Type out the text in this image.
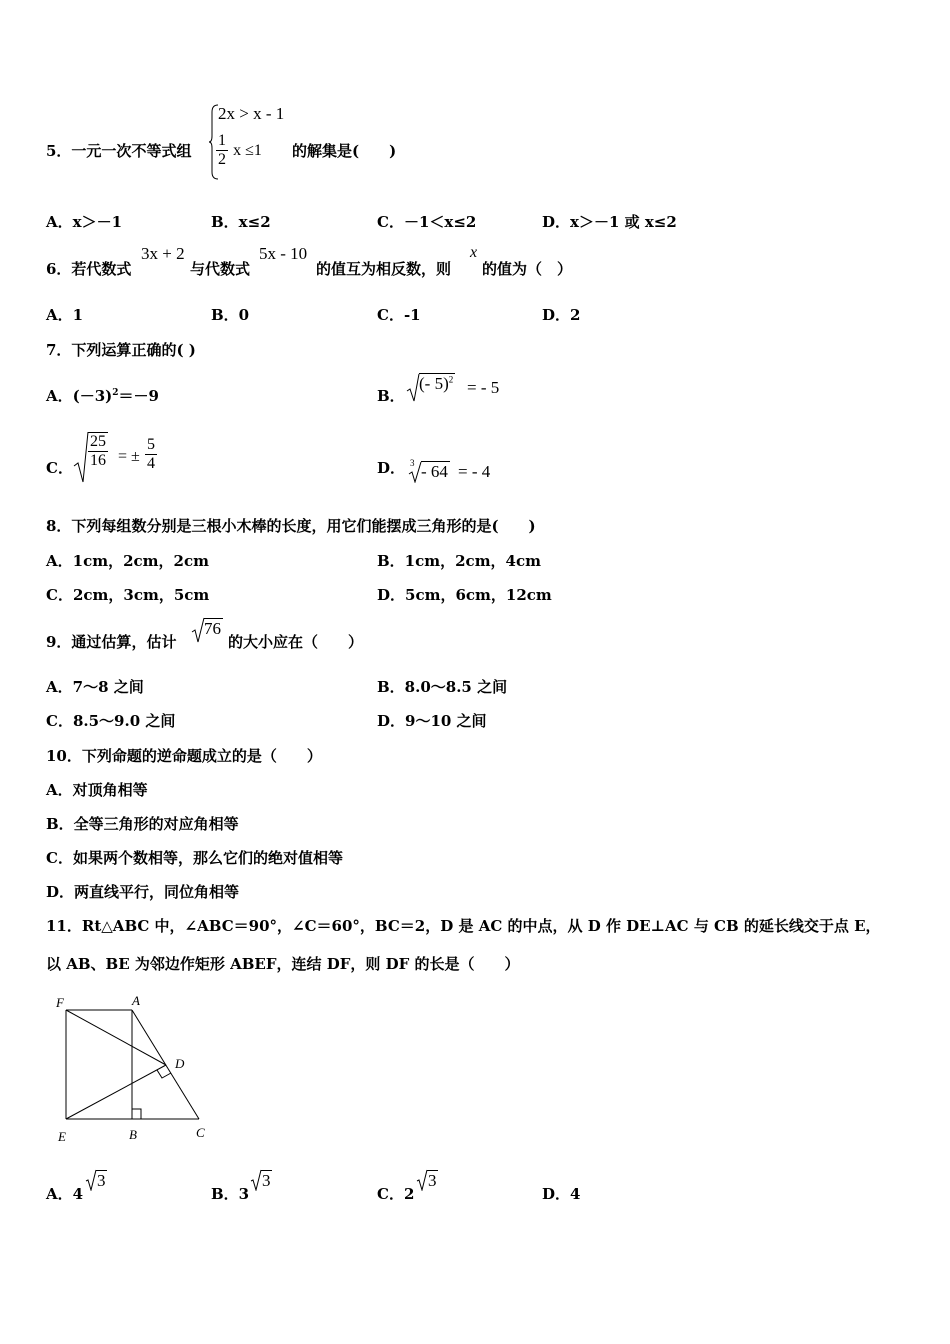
5．一元一次不等式组
2x > x - 1
$\frac{1}{2}$ x ≤1 的解集是(　　)
A．x＞－1	B．x≤2	C．－1＜x≤2	D．x＞－1 或 x≤2
6．若代数式
3x + 2
与代数式
5x - 10
的值互为相反数，则
x
的值为（　）
A．1	B．0	C．-1	D．2
7．下列运算正确的( )
A．$(-3)^2=-9$	B．
(- 5)$^2$ = - 5
C． $\frac{25}{16}$ = ± $\frac{5}{4}$	D． 3 - 64 = - 4
8．下列每组数分别是三根小木棒的长度，用它们能摆成三角形的是(　　)
A．1cm，2cm，2cm	B．1cm，2cm，4cm
C．2cm，3cm，5cm	D．5cm，6cm，12cm
9．通过估算，估计
76
的大小应在（　　）
A．7～8 之间	B．8.0～8.5 之间
C．8.5～9.0 之间	D．9～10 之间
10．下列命题的逆命题成立的是（　　）
A．对顶角相等
B．全等三角形的对应角相等
C．如果两个数相等，那么它们的绝对值相等
D．两直线平行，同位角相等
11．Rt△ABC 中，∠ABC＝90°，∠C＝60°，BC＝2，D 是 AC 的中点，从 D 作 DE⊥AC 与 CB 的延长线交于点 E，
以 AB、BE 为邻边作矩形 ABEF，连结 DF，则 DF 的长是（　　）
F	A
D
E	B	C
A．4
3
B．3
3
C．2
3
D．4
